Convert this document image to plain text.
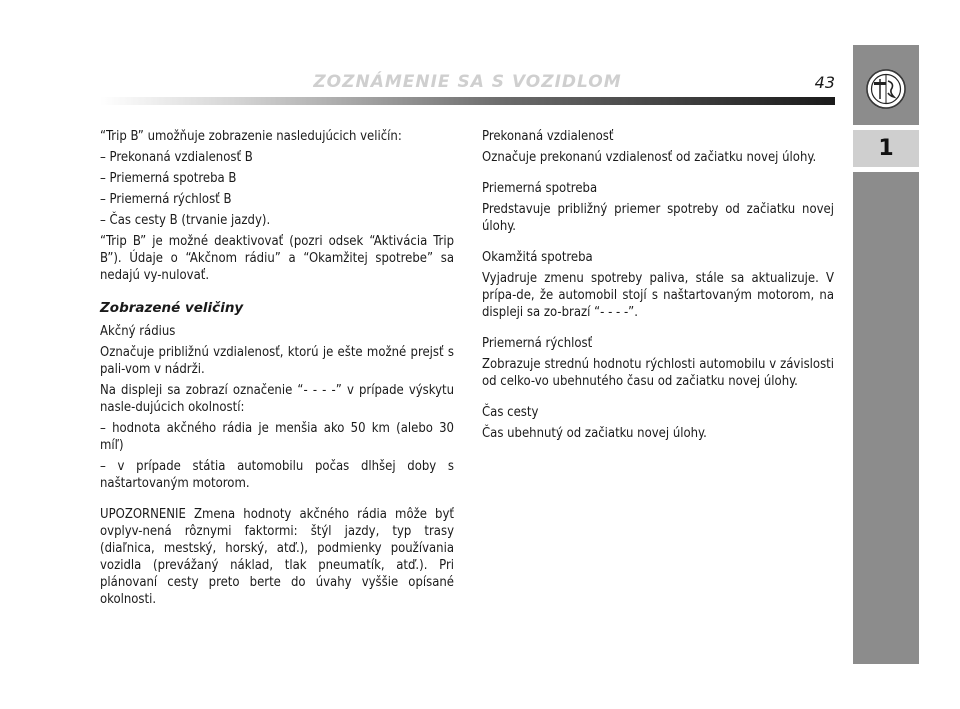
ZOZNÁMENIE SA S VOZIDLOM	43
1

“Trip B” umožňuje zobrazenie nasledujúcich veličín:

– Prekonaná vzdialenosť B

– Priemerná spotreba B

– Priemerná rýchlosť B

– Čas cesty B (trvanie jazdy).

“Trip B” je možné deaktivovať (pozri odsek “Aktivácia Trip B”). Údaje o “Akčnom rádiu” a “Okamžitej spotrebe” sa nedajú vy-nulovať.

Zobrazené veličiny

Akčný rádius

Označuje približnú vzdialenosť, ktorú je ešte možné prejsť s pali-vom v nádrži.

Na displeji sa zobrazí označenie “- - - -” v prípade výskytu nasle-dujúcich okolností:

– hodnota akčného rádia je menšia ako 50 km (alebo 30 míľ)

– v prípade státia automobilu počas dlhšej doby s naštartovaným motorom.

UPOZORNENIE Zmena hodnoty akčného rádia môže byť ovplyv-nená rôznymi faktormi: štýl jazdy, typ trasy (diaľnica, mestský, horský, atď.), podmienky používania vozidla (prevážaný náklad, tlak pneumatík, atď.). Pri plánovaní cesty preto berte do úvahy vyššie opísané okolnosti.

Prekonaná vzdialenosť

Označuje prekonanú vzdialenosť od začiatku novej úlohy.

Priemerná spotreba

Predstavuje približný priemer spotreby od začiatku novej úlohy.

Okamžitá spotreba

Vyjadruje zmenu spotreby paliva, stále sa aktualizuje. V prípa-de, že automobil stojí s naštartovaným motorom, na displeji sa zo-brazí “- - - -”.

Priemerná rýchlosť

Zobrazuje strednú hodnotu rýchlosti automobilu v závislosti od celko-vo ubehnutého času od začiatku novej úlohy.

Čas cesty

Čas ubehnutý od začiatku novej úlohy.
